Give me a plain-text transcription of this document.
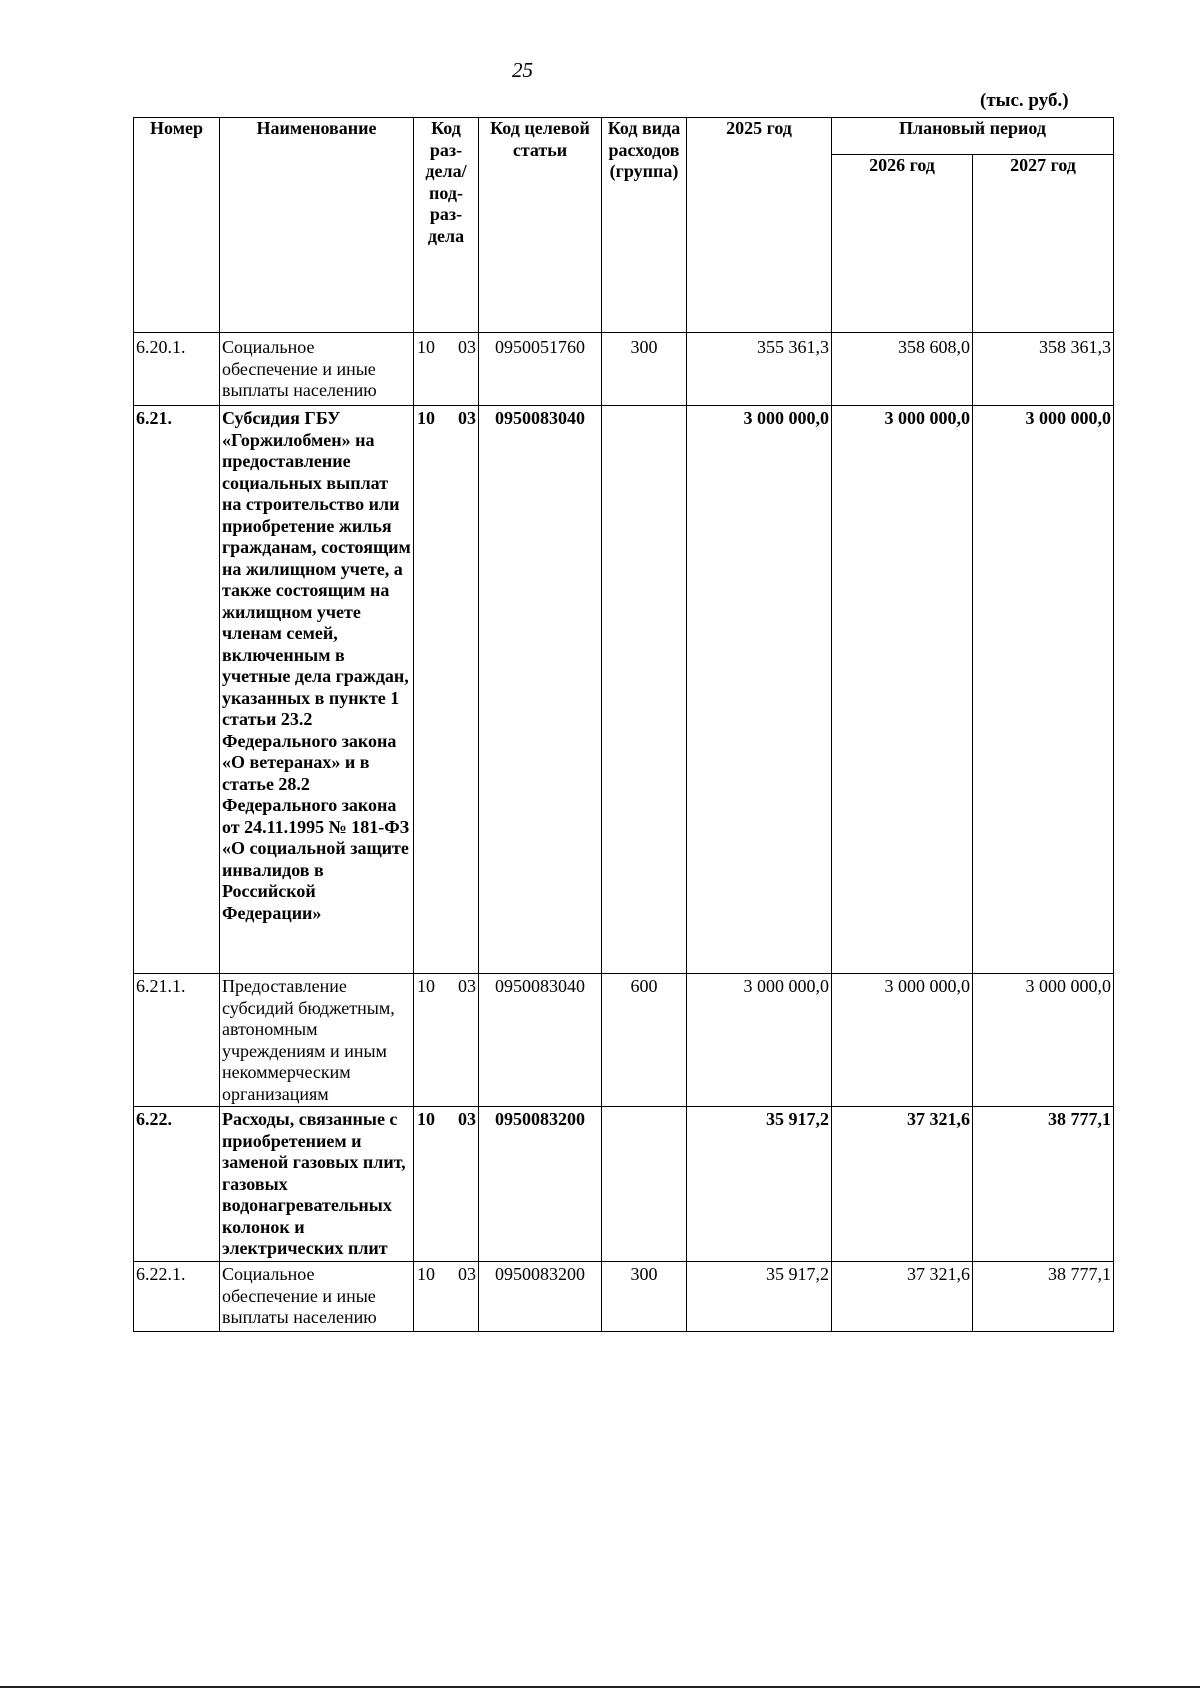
25
(тыс. руб.)
Номер	Наименование	Код раз- дела/ под- раз- дела	Код целевой статьи	Код вида расходов (группа)	2025 год	Плановый период	
						2026 год	2027 год
6.20.1.	Социальное обеспечение и иные выплаты населению	10 03	0950051760	300	355 361,3	358 608,0	358 361,3
6.21.	Субсидия ГБУ «Горжилобмен» на предоставление социальных выплат на строительство или приобретение жилья гражданам, состоящим на жилищном учете, а также состоящим на жилищном учете членам семей, включенным в учетные дела граждан, указанных в пункте 1 статьи 23.2 Федерального закона «О ветеранах» и в статье 28.2 Федерального закона от 24.11.1995 № 181-ФЗ «О социальной защите инвалидов в Российской Федерации»	10 03	0950083040		3 000 000,0	3 000 000,0	3 000 000,0
6.21.1.	Предоставление субсидий бюджетным, автономным учреждениям и иным некоммерческим организациям	10 03	0950083040	600	3 000 000,0	3 000 000,0	3 000 000,0
6.22.	Расходы, связанные с приобретением и заменой газовых плит, газовых водонагревательных колонок и электрических плит	10 03	0950083200		35 917,2	37 321,6	38 777,1
6.22.1.	Социальное обеспечение и иные выплаты населению	10 03	0950083200	300	35 917,2	37 321,6	38 777,1
